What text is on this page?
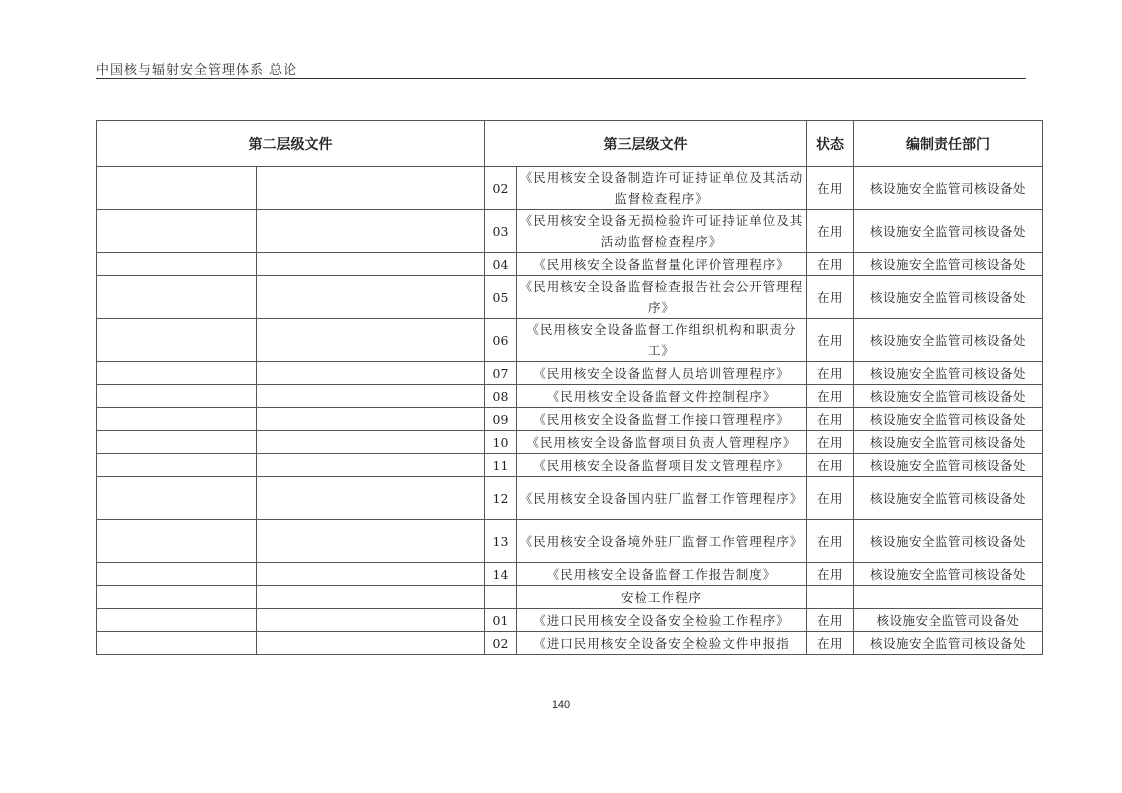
中国核与辐射安全管理体系 总论
第二层级文件		第三层级文件		状态	编制责任部门
		02	《民用核安全设备制造许可证持证单位及其活动监督检查程序》	在用	核设施安全监管司核设备处
		03	《民用核安全设备无损检验许可证持证单位及其活动监督检查程序》	在用	核设施安全监管司核设备处
		04	《民用核安全设备监督量化评价管理程序》	在用	核设施安全监管司核设备处
		05	《民用核安全设备监督检查报告社会公开管理程序》	在用	核设施安全监管司核设备处
		06	《民用核安全设备监督工作组织机构和职责分工》	在用	核设施安全监管司核设备处
		07	《民用核安全设备监督人员培训管理程序》	在用	核设施安全监管司核设备处
		08	《民用核安全设备监督文件控制程序》	在用	核设施安全监管司核设备处
		09	《民用核安全设备监督工作接口管理程序》	在用	核设施安全监管司核设备处
		10	《民用核安全设备监督项目负责人管理程序》	在用	核设施安全监管司核设备处
		11	《民用核安全设备监督项目发文管理程序》	在用	核设施安全监管司核设备处
		12	《民用核安全设备国内驻厂监督工作管理程序》	在用	核设施安全监管司核设备处
		13	《民用核安全设备境外驻厂监督工作管理程序》	在用	核设施安全监管司核设备处
		14	《民用核安全设备监督工作报告制度》	在用	核设施安全监管司核设备处
			安检工作程序		
		01	《进口民用核安全设备安全检验工作程序》	在用	核设施安全监管司设备处
		02	《进口民用核安全设备安全检验文件申报指	在用	核设施安全监管司核设备处
140
